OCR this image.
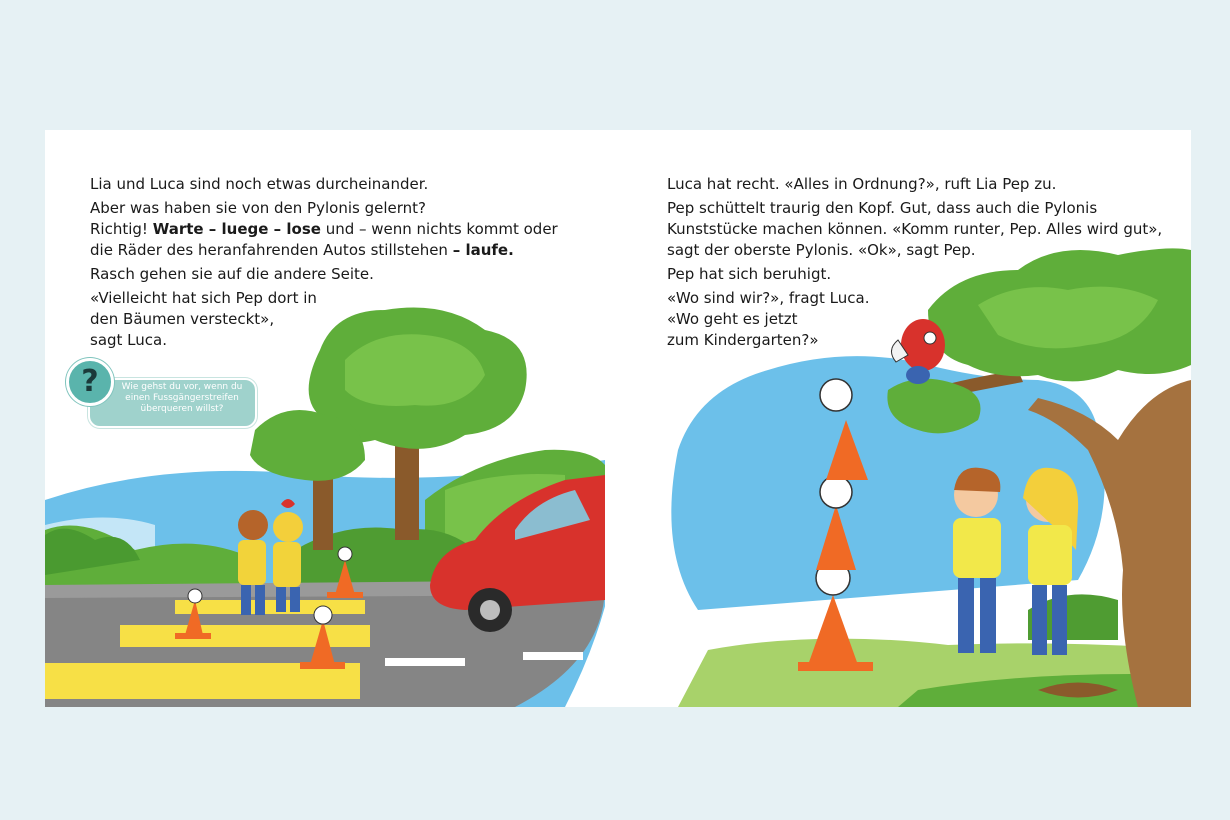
Lia und Luca sind noch etwas durcheinander.

Aber was haben sie von den Pylonis gelernt?
Richtig! Warte – luege – lose und – wenn nichts kommt oder
die Räder des heranfahrenden Autos stillstehen – laufe.

Rasch gehen sie auf die andere Seite.

«Vielleicht hat sich Pep dort in
den Bäumen versteckt»,
sagt Luca.

?	Wie gehst du vor, wenn du
einen Fussgängerstreifen
überqueren willst?

Luca hat recht. «Alles in Ordnung?», ruft Lia Pep zu.

Pep schüttelt traurig den Kopf. Gut, dass auch die Pylonis
Kunststücke machen können. «Komm runter, Pep. Alles wird gut»,
sagt der oberste Pylonis. «Ok», sagt Pep.

Pep hat sich beruhigt.

«Wo sind wir?», fragt Luca.
«Wo geht es jetzt
zum Kindergarten?»
